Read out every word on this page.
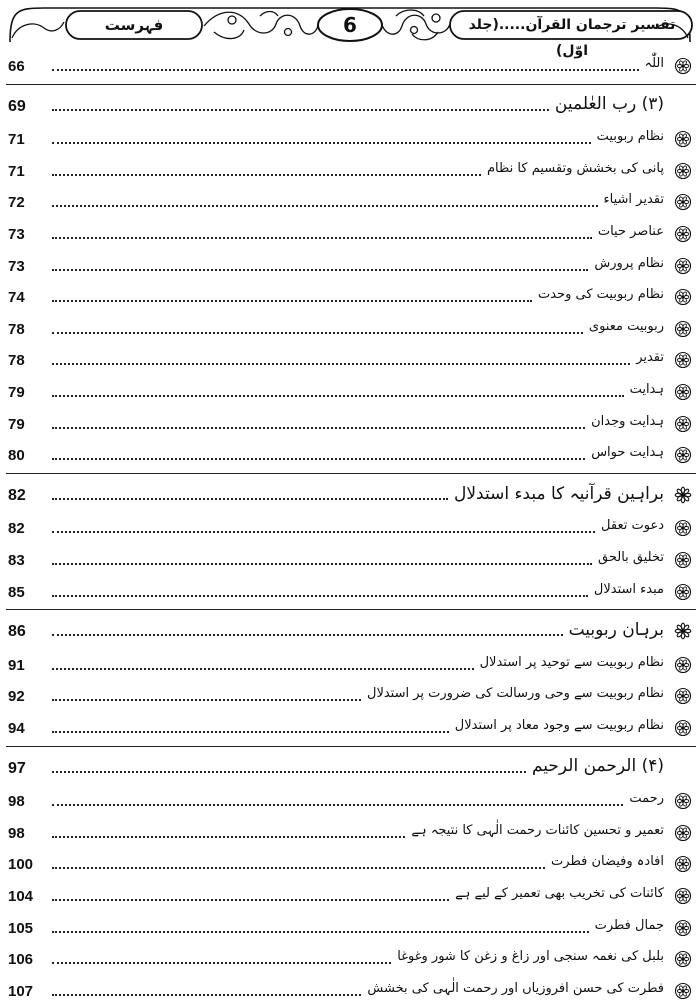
فہرست	6	تفسیر ترجمان القرآن.....(جلد اوّل)
66	اللّٰہ
69	(۳) رب العٰلمین
71	نظام ربوبیت
71	پانی کی بخشش وتقسیم کا نظام
72	تقدیر اشیاء
73	عناصر حیات
73	نظام پرورش
74	نظام ربوبیت کی وحدت
78	ربوبیت معنوی
78	تقدیر
79	ہدایت
79	ہدایت وجدان
80	ہدایت حواس
82	براہین قرآنیہ کا مبدء استدلال
82	دعوت تعقل
83	تخلیق بالحق
85	مبدء استدلال
86	برہان ربوبیت
91	نظام ربوبیت سے توحید پر استدلال
92	نظام ربوبیت سے وحی ورسالت کی ضرورت پر استدلال
94	نظام ربوبیت سے وجود معاد پر استدلال
97	(۴) الرحمن الرحیم
98	رحمت
98	تعمیر و تحسین کائنات رحمت الٰہی کا نتیجہ ہے
100	افادہ وفیضان فطرت
104	کائنات کی تخریب بھی تعمیر کے لیے ہے
105	جمال فطرت
106	بلبل کی نغمہ سنجی اور زاغ و زغن کا شور وغوغا
107	فطرت کی حسن افروزیاں اور رحمت الٰہی کی بخشش
